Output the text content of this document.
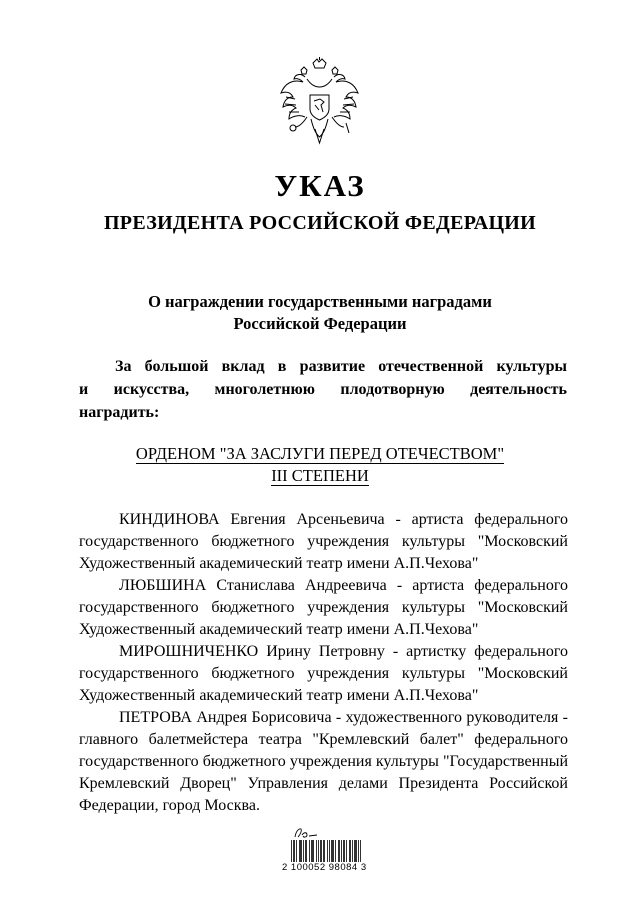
УКАЗ
ПРЕЗИДЕНТА РОССИЙСКОЙ ФЕДЕРАЦИИ
О награждении государственными наградами
Российской Федерации
За большой вклад в развитие отечественной культуры
и искусства, многолетнюю плодотворную деятельность
наградить:
ОРДЕНОМ "ЗА ЗАСЛУГИ ПЕРЕД ОТЕЧЕСТВОМ"
III СТЕПЕНИ
КИНДИНОВА Евгения Арсеньевича - артиста федерального
государственного бюджетного учреждения культуры "Московский
Художественный академический театр имени А.П.Чехова"
ЛЮБШИНА Станислава Андреевича - артиста федерального
государственного бюджетного учреждения культуры "Московский
Художественный академический театр имени А.П.Чехова"
МИРОШНИЧЕНКО Ирину Петровну - артистку федерального
государственного бюджетного учреждения культуры "Московский
Художественный академический театр имени А.П.Чехова"
ПЕТРОВА Андрея Борисовича - художественного руководителя -
главного балетмейстера театра "Кремлевский балет" федерального
государственного бюджетного учреждения культуры "Государственный
Кремлевский Дворец" Управления делами Президента Российской
Федерации, город Москва.
2 100052 98084 3
